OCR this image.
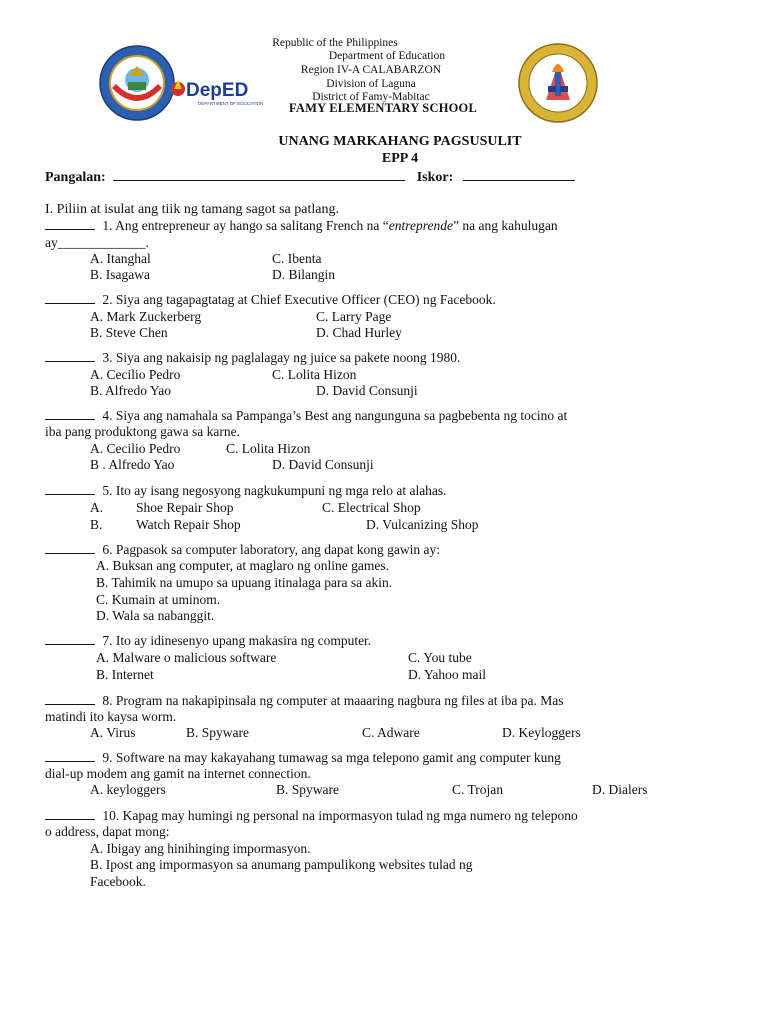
DepED
DEPARTMENT OF EDUCATION
Republic of the Philippines
Department of Education
Region IV-A CALABARZON
Division of Laguna
District of Famy-Mabitac
FAMY ELEMENTARY SCHOOL
UNANG MARKAHANG PAGSUSULIT
EPP 4
Pangalan:	Iskor:
I. Piliin at isulat ang tiik ng tamang sagot sa patlang.
1. Ang entrepreneur ay hango sa salitang French na “entreprende” na ang kahulugan
ay_____________.
A. Itanghal	C. Ibenta
B. Isagawa	D. Bilangin
2. Siya ang tagapagtatag at Chief Executive Officer (CEO) ng Facebook.
A. Mark Zuckerberg	C. Larry Page
B. Steve Chen	D. Chad Hurley
3. Siya ang nakaisip ng paglalagay ng juice sa pakete noong 1980.
A. Cecilio Pedro	C. Lolita Hizon
B. Alfredo Yao	D. David Consunji
4. Siya ang namahala sa Pampanga’s Best ang nangunguna sa pagbebenta ng tocino at
iba pang produktong gawa sa karne.
A. Cecilio Pedro	C. Lolita Hizon
B . Alfredo Yao	D. David Consunji
5. Ito ay isang negosyong nagkukumpuni ng mga relo at alahas.
A. Shoe Repair Shop	C. Electrical Shop
B. Watch Repair Shop	D. Vulcanizing Shop
6. Pagpasok sa computer laboratory, ang dapat kong gawin ay:
A. Buksan ang computer, at maglaro ng online games.
B. Tahimik na umupo sa upuang itinalaga para sa akin.
C. Kumain at uminom.
D. Wala sa nabanggit.
7. Ito ay idinesenyo upang makasira ng computer.
A. Malware o malicious software	C. You tube
B. Internet	D. Yahoo mail
8. Program na nakapipinsala ng computer at maaaring nagbura ng files at iba pa. Mas
matindi ito kaysa worm.
A. Virus	B. Spyware	C. Adware	D. Keyloggers
9. Software na may kakayahang tumawag sa mga telepono gamit ang computer kung
dial-up modem ang gamit na internet connection.
A. keyloggers	B. Spyware	C. Trojan	D. Dialers
10. Kapag may humingi ng personal na impormasyon tulad ng mga numero ng telepono
o address, dapat mong:
A. Ibigay ang hinihinging impormasyon.
B. Ipost ang impormasyon sa anumang pampulikong websites tulad ng
Facebook.
